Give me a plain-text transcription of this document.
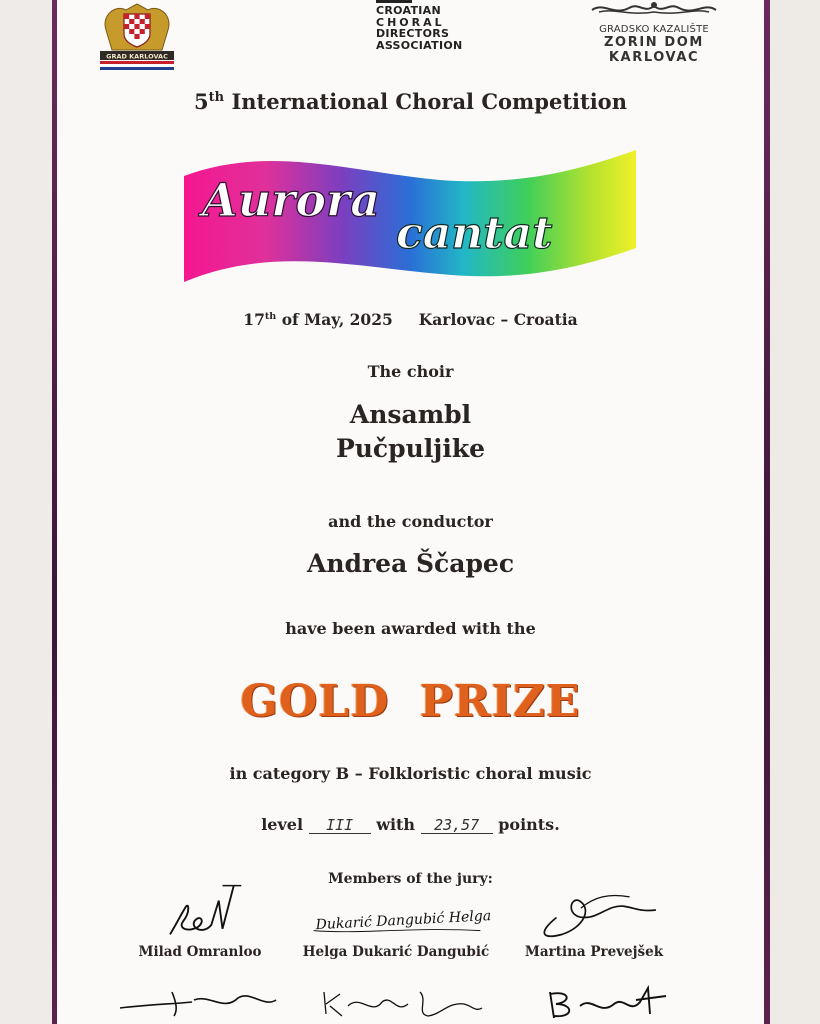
GRAD KARLOVAC
CROATIAN
CHORAL
DIRECTORS
ASSOCIATION
GRADSKO KAZALIŠTE
ZORIN DOM
KARLOVAC
5th International Choral Competition
Aurora
cantat
17th of May, 2025 Karlovac – Croatia
The choir
Ansambl
Pučpuljike
and the conductor
Andrea Ščapec
have been awarded with the
GOLD PRIZE
in category B – Folkloristic choral music
level III with 23,57 points.
Members of the jury:
Milad Omranloo
Dukarić Dangubić Helga
Helga Dukarić Dangubić	Martina Prevejšek
